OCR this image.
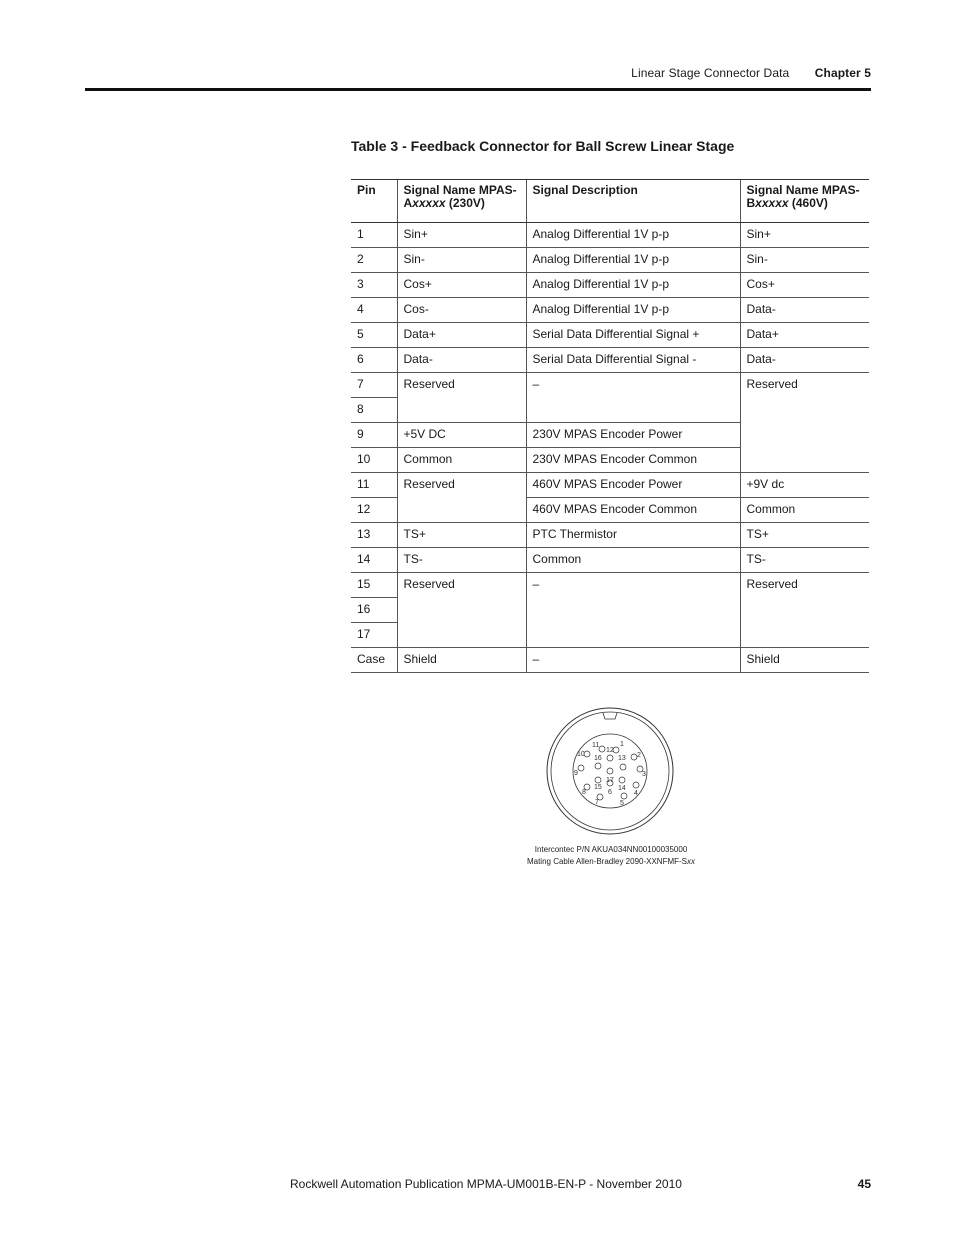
Linear Stage Connector Data Chapter 5
Table 3 - Feedback Connector for Ball Screw Linear Stage
Pin	Signal Name MPAS-Axxxxx (230V)	Signal Description	Signal Name MPAS-Bxxxxx (460V)
1	Sin+	Analog Differential 1V p-p	Sin+
2	Sin-	Analog Differential 1V p-p	Sin-
3	Cos+	Analog Differential 1V p-p	Cos+
4	Cos-	Analog Differential 1V p-p	Data-
5	Data+	Serial Data Differential Signal +	Data+
6	Data-	Serial Data Differential Signal -	Data-
7	Reserved	–	Reserved
8			
9	+5V DC	230V MPAS Encoder Power	
10	Common	230V MPAS Encoder Common	
11	Reserved	460V MPAS Encoder Power	+9V dc
12		460V MPAS Encoder Common	Common
13	TS+	PTC Thermistor	TS+
14	TS-	Common	TS-
15	Reserved	–	Reserved
16			
17			
Case	Shield	–	Shield
1
2
3
4
5
6
7
8
9
10
11
12
13
14
15
16
17
Intercontec P/N AKUA034NN00100035000
Mating Cable Allen-Bradley 2090-XXNFMF-Sxx
Rockwell Automation Publication MPMA-UM001B-EN-P - November 2010	45
